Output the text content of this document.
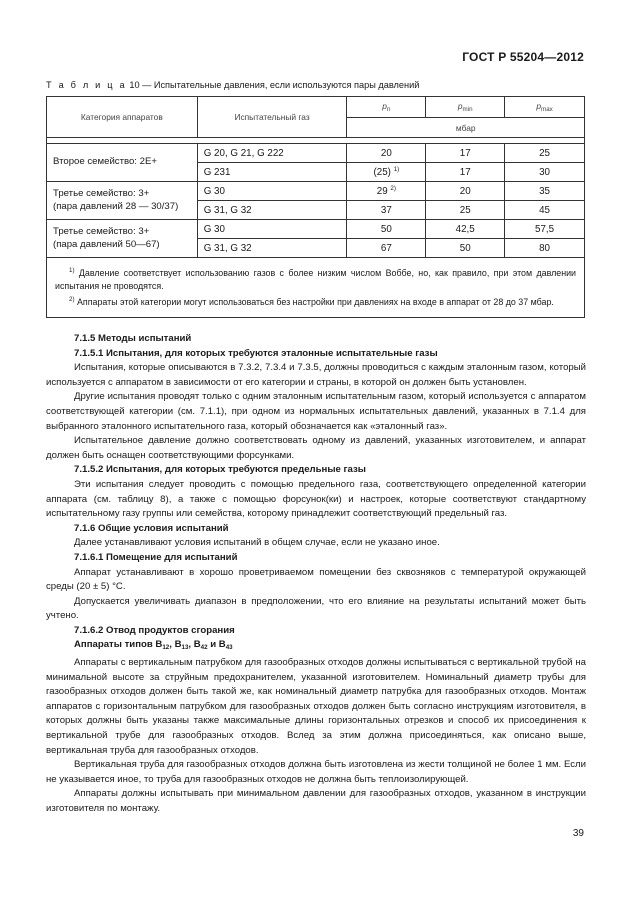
ГОСТ Р 55204—2012
Т а б л и ц а 10 — Испытательные давления, если используются пары давлений
Категория аппаратов	Испытательный газ	$p_n$	$p_{min}$	$p_{max}$
		мбар		

Второе семейство: 2Е+	G 20, G 21, G 222	20	17	25
	G 231	(25) $^{1)}$	17	30

Третье семейство: 3+
(пара давлений 28 — 30/37)	G 30	29 $^{2)}$	20	35
	G 31, G 32	37	25	45

Третье семейство: 3+
(пара давлений 50—67)	G 30	50	42,5	57,5
	G 31, G 32	67	50	80

$^{1)}$ Давление соответствует использованию газов с более низким числом Воббе, но, как правило, при этом давлении испытания не проводятся.

$^{2)}$ Аппараты этой категории могут использоваться без настройки при давлениях на входе в аппарат от 28 до 37 мбар.				

7.1.5 Методы испытаний

7.1.5.1 Испытания, для которых требуются эталонные испытательные газы

Испытания, которые описываются в 7.3.2, 7.3.4 и 7.3.5, должны проводиться с каждым эталонным газом, который используется с аппаратом в зависимости от его категории и страны, в которой он должен быть установлен.

Другие испытания проводят только с одним эталонным испытательным газом, который используется с аппаратом соответствующей категории (см. 7.1.1), при одном из нормальных испытательных давлений, указанных в 7.1.4 для выбранного эталонного испытательного газа, который обозначается как «эталонный газ».

Испытательное давление должно соответствовать одному из давлений, указанных изготовителем, и аппарат должен быть оснащен соответствующими форсунками.

7.1.5.2 Испытания, для которых требуются предельные газы

Эти испытания следует проводить с помощью предельного газа, соответствующего определенной категории аппарата (см. таблицу 8), а также с помощью форсунок(ки) и настроек, которые соответствуют стандартному испытательному газу группы или семейства, которому принадлежит соответствующий предельный газ.

7.1.6 Общие условия испытаний

Далее устанавливают условия испытаний в общем случае, если не указано иное.

7.1.6.1 Помещение для испытаний

Аппарат устанавливают в хорошо проветриваемом помещении без сквозняков с температурой окружающей среды (20 ± 5) °С.

Допускается увеличивать диапазон в предположении, что его влияние на результаты испытаний может быть учтено.

7.1.6.2 Отвод продуктов сгорания

Аппараты типов $B_{12}$, $B_{13}$, $B_{42}$ и $B_{43}$

Аппараты с вертикальным патрубком для газообразных отходов должны испытываться с вертикальной трубой на минимальной высоте за струйным предохранителем, указанной изготовителем. Номинальный диаметр трубы для газообразных отходов должен быть такой же, как номинальный диаметр патрубка для газообразных отходов. Монтаж аппаратов с горизонтальным патрубком для газообразных отходов должен быть согласно инструкциям изготовителя, в которых должны быть указаны также максимальные длины горизонтальных отрезков и способ их присоединения к вертикальной трубе для газообразных отходов. Вслед за этим должна присоединяться, как описано выше, вертикальная труба для газообразных отходов.

Вертикальная труба для газообразных отходов должна быть изготовлена из жести толщиной не более 1 мм. Если не указывается иное, то труба для газообразных отходов не должна быть теплоизолирующей.

Аппараты должны испытывать при минимальном давлении для газообразных отходов, указанном в инструкции изготовителя по монтажу.

39
